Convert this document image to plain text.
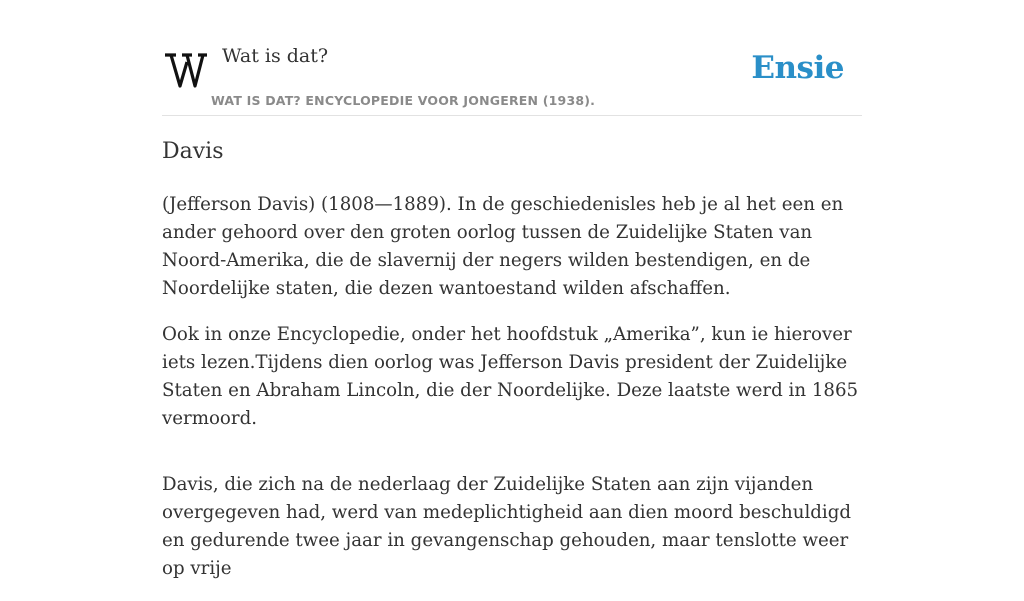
Wat is dat?
WAT IS DAT? ENCYCLOPEDIE VOOR JONGEREN (1938).
Ensie
Davis

(Jefferson Davis) (1808—1889). In de geschiedenisles heb je al het een en ander gehoord over den groten oorlog tussen de Zuidelijke Staten van Noord-Amerika, die de slavernij der negers wilden bestendigen, en de Noordelijke staten, die dezen wantoestand wilden afschaffen.

Ook in onze Encyclopedie, onder het hoofdstuk „Amerika”, kun ie hierover iets lezen.Tijdens dien oorlog was Jefferson Davis president der Zuidelijke Staten en Abraham Lincoln, die der Noordelijke. Deze laatste werd in 1865 vermoord.

Davis, die zich na de nederlaag der Zuidelijke Staten aan zijn vijanden overgegeven had, werd van medeplichtigheid aan dien moord beschuldigd en gedurende twee jaar in gevangenschap gehouden, maar tenslotte weer op vrije
